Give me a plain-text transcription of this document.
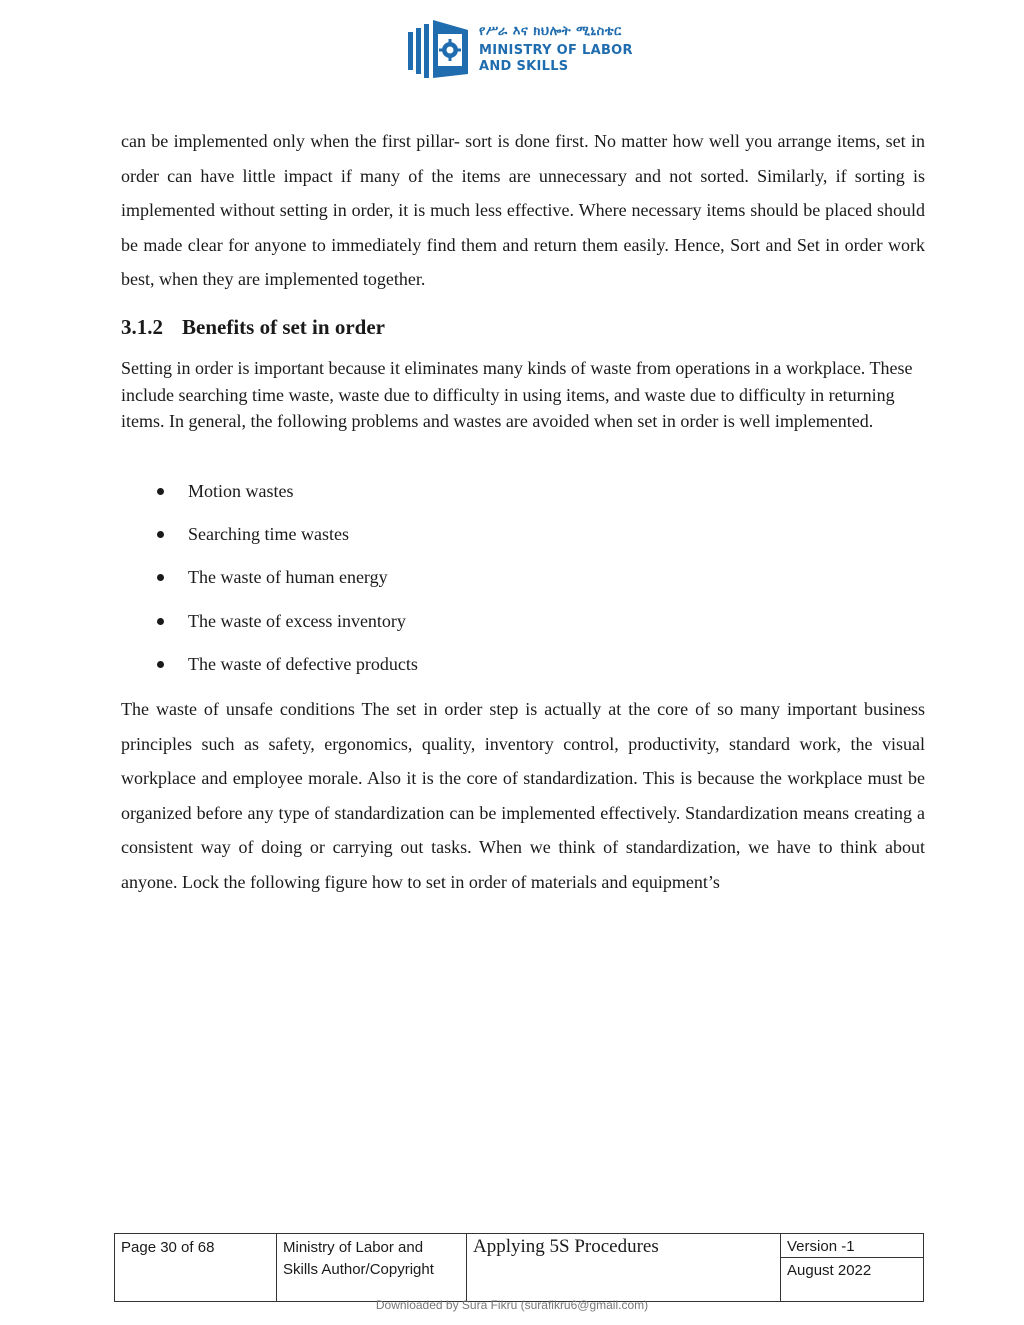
የሥራ እና ክህሎት ሚኒስቴር
MINISTRY OF LABOR
AND SKILLS

can be implemented only when the first pillar- sort is done first. No matter how well you arrange items, set in order can have little impact if many of the items are unnecessary and not sorted. Similarly, if sorting is implemented without setting in order, it is much less effective. Where necessary items should be placed should be made clear for anyone to immediately find them and return them easily. Hence, Sort and Set in order work best, when they are implemented together.

3.1.2 Benefits of set in order

Setting in order is important because it eliminates many kinds of waste from operations in a workplace. These include searching time waste, waste due to difficulty in using items, and waste due to difficulty in returning items. In general, the following problems and wastes are avoided when set in order is well implemented.

Motion wastes
Searching time wastes
The waste of human energy
The waste of excess inventory
The waste of defective products

The waste of unsafe conditions The set in order step is actually at the core of so many important business principles such as safety, ergonomics, quality, inventory control, productivity, standard work, the visual workplace and employee morale. Also it is the core of standardization. This is because the workplace must be organized before any type of standardization can be implemented effectively. Standardization means creating a consistent way of doing or carrying out tasks. When we think of standardization, we have to think about anyone. Lock the following figure how to set in order of materials and equipment’s

Page 30 of 68	Ministry of Labor and Skills Author/Copyright
Applying 5S Procedures	Version -1
August 2022
Downloaded by Sura Fikru (surafikru6@gmail.com)
